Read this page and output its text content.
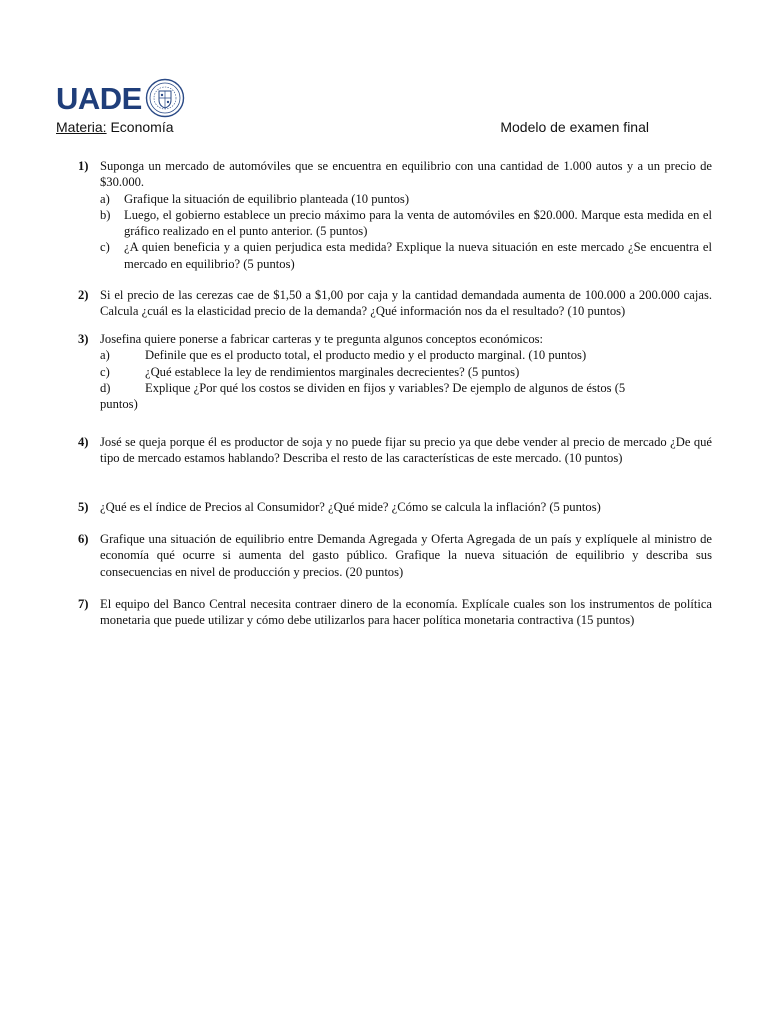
UADE
Materia: Economía	Modelo de examen final
1) Suponga un mercado de automóviles que se encuentra en equilibrio con una cantidad de 1.000 autos y a un precio de $30.000.
a) Grafique la situación de equilibrio planteada (10 puntos)
b) Luego, el gobierno establece un precio máximo para la venta de automóviles en $20.000. Marque esta medida en el gráfico realizado en el punto anterior. (5 puntos)
c) ¿A quien beneficia y a quien perjudica esta medida? Explique la nueva situación en este mercado ¿Se encuentra el mercado en equilibrio? (5 puntos)
2) Si el precio de las cerezas cae de $1,50 a $1,00 por caja y la cantidad demandada aumenta de 100.000 a 200.000 cajas. Calcula ¿cuál es la elasticidad precio de la demanda? ¿Qué información nos da el resultado? (10 puntos)
3) Josefina quiere ponerse a fabricar carteras y te pregunta algunos conceptos económicos:
a)	Definile que es el producto total, el producto medio y el producto marginal. (10 puntos)
c)	¿Qué establece la ley de rendimientos marginales decrecientes? (5 puntos)
d)	Explique ¿Por qué los costos se dividen en fijos y variables? De ejemplo de algunos de éstos (5
puntos)
4) José se queja porque él es productor de soja y no puede fijar su precio ya que debe vender al precio de mercado ¿De qué tipo de mercado estamos hablando? Describa el resto de las características de este mercado. (10 puntos)
5) ¿Qué es el índice de Precios al Consumidor? ¿Qué mide? ¿Cómo se calcula la inflación? (5 puntos)
6) Grafique una situación de equilibrio entre Demanda Agregada y Oferta Agregada de un país y explíquele al ministro de economía qué ocurre si aumenta del gasto público. Grafique la nueva situación de equilibrio y describa sus consecuencias en nivel de producción y precios. (20 puntos)
7) El equipo del Banco Central necesita contraer dinero de la economía. Explícale cuales son los instrumentos de política monetaria que puede utilizar y cómo debe utilizarlos para hacer política monetaria contractiva (15 puntos)
